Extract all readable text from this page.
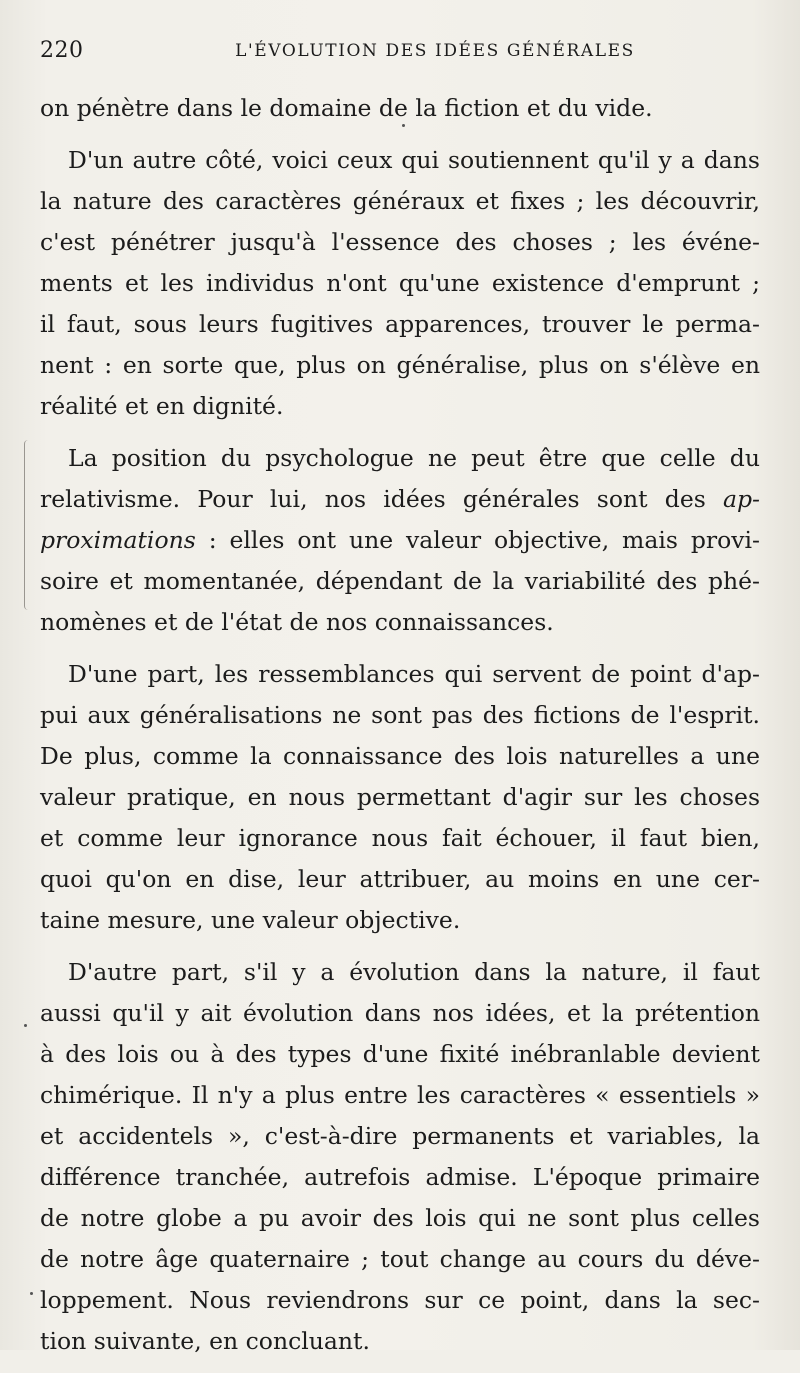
220	L'ÉVOLUTION DES IDÉES GÉNÉRALES
on pénètre dans le domaine de la fiction et du vide.
D'un autre côté, voici ceux qui soutiennent qu'il y a dans
la nature des caractères généraux et fixes ; les découvrir,
c'est pénétrer jusqu'à l'essence des choses ; les événe-
ments et les individus n'ont qu'une existence d'emprunt ;
il faut, sous leurs fugitives apparences, trouver le perma-
nent : en sorte que, plus on généralise, plus on s'élève en
réalité et en dignité.
La position du psychologue ne peut être que celle du
relativisme. Pour lui, nos idées générales sont des ap-
proximations : elles ont une valeur objective, mais provi-
soire et momentanée, dépendant de la variabilité des phé-
nomènes et de l'état de nos connaissances.
D'une part, les ressemblances qui servent de point d'ap-
pui aux généralisations ne sont pas des fictions de l'esprit.
De plus, comme la connaissance des lois naturelles a une
valeur pratique, en nous permettant d'agir sur les choses
et comme leur ignorance nous fait échouer, il faut bien,
quoi qu'on en dise, leur attribuer, au moins en une cer-
taine mesure, une valeur objective.
D'autre part, s'il y a évolution dans la nature, il faut
aussi qu'il y ait évolution dans nos idées, et la prétention
à des lois ou à des types d'une fixité inébranlable devient
chimérique. Il n'y a plus entre les caractères « essentiels »
et accidentels », c'est-à-dire permanents et variables, la
différence tranchée, autrefois admise. L'époque primaire
de notre globe a pu avoir des lois qui ne sont plus celles
de notre âge quaternaire ; tout change au cours du déve-
loppement. Nous reviendrons sur ce point, dans la sec-
tion suivante, en concluant.
